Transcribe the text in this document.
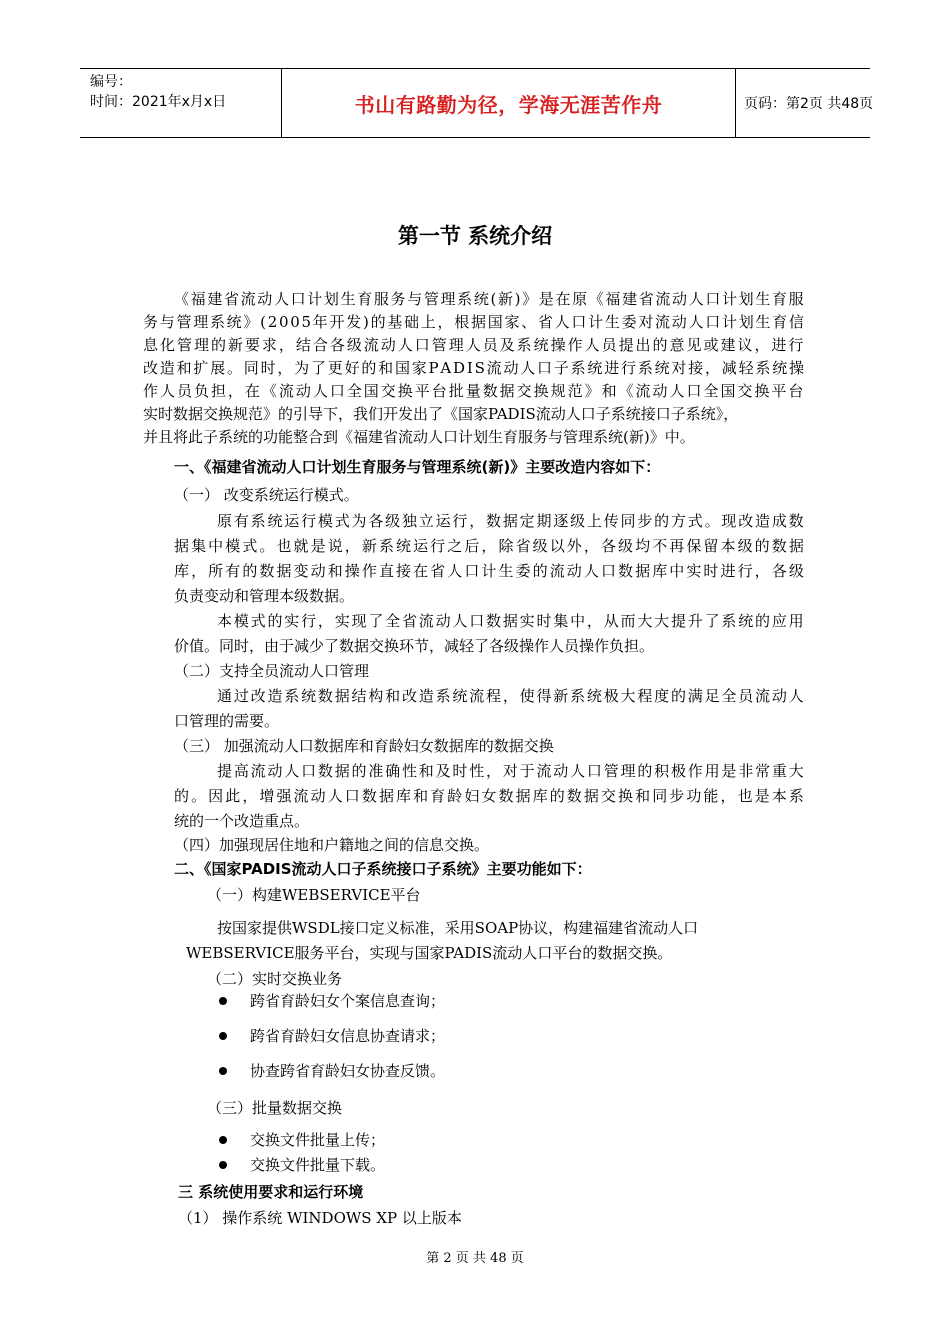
编号：
时间：2021年x月x日	书山有路勤为径，学海无涯苦作舟	页码：第2页 共48页
第一节 系统介绍
《 福 建 省 流 动 人 口 计 划 生 育 服 务 与 管 理 系 统 ( 新 ) 》 是 在 原 《 福 建 省 流 动 人 口 计 划 生 育 服
务 与 管 理 系 统 》 ( 2 0 0 5 年 开 发 ) 的 基 础 上 ， 根 据 国 家 、 省 人 口 计 生 委 对 流 动 人 口 计 划 生 育 信
息 化 管 理 的 新 要 求 ， 结 合 各 级 流 动 人 口 管 理 人 员 及 系 统 操 作 人 员 提 出 的 意 见 或 建 议 ， 进 行
改 造 和 扩 展 。 同 时 ， 为 了 更 好 的 和 国 家 P A D I S 流 动 人 口 子 系 统 进 行 系 统 对 接 ， 减 轻 系 统 操
作 人 员 负 担 ， 在 《 流 动 人 口 全 国 交 换 平 台 批 量 数 据 交 换 规 范 》 和 《 流 动 人 口 全 国 交 换 平 台
实时数据交换规范》的引导下，我们开发出了《国家PADIS流动人口子系统接口子系统》，
并且将此子系统的功能整合到《福建省流动人口计划生育服务与管理系统(新)》中。
一、《福建省流动人口计划生育服务与管理系统(新)》主要改造内容如下：
（一） 改变系统运行模式。
原 有 系 统 运 行 模 式 为 各 级 独 立 运 行 ， 数 据 定 期 逐 级 上 传 同 步 的 方 式 。 现 改 造 成 数
据 集 中 模 式 。 也 就 是 说 ， 新 系 统 运 行 之 后 ， 除 省 级 以 外 ， 各 级 均 不 再 保 留 本 级 的 数 据
库 ， 所 有 的 数 据 变 动 和 操 作 直 接 在 省 人 口 计 生 委 的 流 动 人 口 数 据 库 中 实 时 进 行 ， 各 级
负责变动和管理本级数据。
本 模 式 的 实 行 ， 实 现 了 全 省 流 动 人 口 数 据 实 时 集 中 ， 从 而 大 大 提 升 了 系 统 的 应 用
价值。同时，由于减少了数据交换环节，减轻了各级操作人员操作负担。
（二）支持全员流动人口管理
通 过 改 造 系 统 数 据 结 构 和 改 造 系 统 流 程 ， 使 得 新 系 统 极 大 程 度 的 满 足 全 员 流 动 人
口管理的需要。
（三） 加强流动人口数据库和育龄妇女数据库的数据交换
提 高 流 动 人 口 数 据 的 准 确 性 和 及 时 性 ， 对 于 流 动 人 口 管 理 的 积 极 作 用 是 非 常 重 大
的 。 因 此 ， 增 强 流 动 人 口 数 据 库 和 育 龄 妇 女 数 据 库 的 数 据 交 换 和 同 步 功 能 ， 也 是 本 系
统的一个改造重点。
（四）加强现居住地和户籍地之间的信息交换。
二、《国家PADIS流动人口子系统接口子系统》主要功能如下：
（一）构建WEBSERVICE平台
按国家提供WSDL接口定义标准，采用SOAP协议，构建福建省流动人口
WEBSERVICE服务平台，实现与国家PADIS流动人口平台的数据交换。
（二）实时交换业务
跨省育龄妇女个案信息查询；
跨省育龄妇女信息协查请求；
协查跨省育龄妇女协查反馈。
（三）批量数据交换
交换文件批量上传；
交换文件批量下载。
三 系统使用要求和运行环境
（1） 操作系统 WINDOWS XP 以上版本
第 2 页 共 48 页
